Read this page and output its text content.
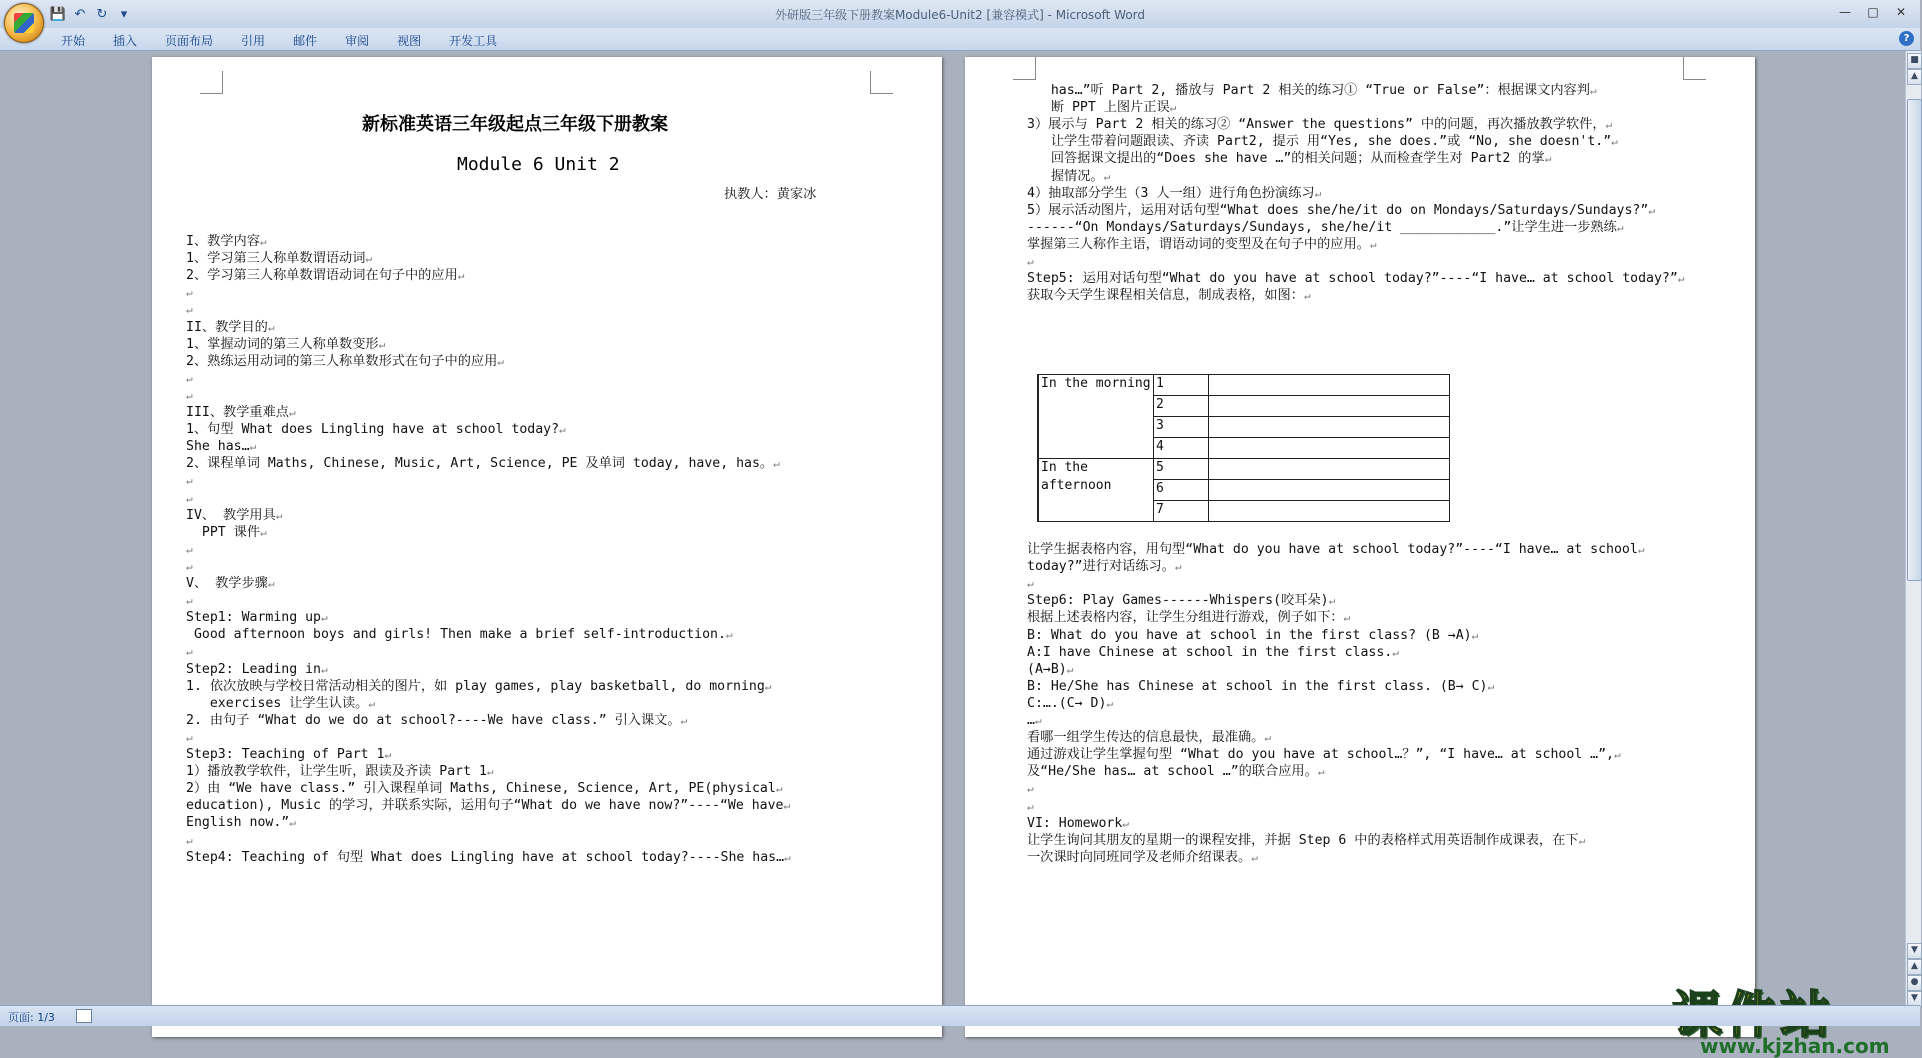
💾 ↶ ↻	▾	外研版三年级下册教案Module6-Unit2 [兼容模式] - Microsoft Word	—	□	✕
开始	插入	页面布局	引用	邮件	审阅	视图	开发工具	?
新标准英语三年级起点三年级下册教案
Module 6 Unit 2
执教人：黄家冰
I、教学内容↵
1、学习第三人称单数谓语动词↵
2、学习第三人称单数谓语动词在句子中的应用↵
↵
↵
II、教学目的↵
1、掌握动词的第三人称单数变形↵
2、熟练运用动词的第三人称单数形式在句子中的应用↵
↵
↵
III、教学重难点↵
1、句型 What does Lingling have at school today?↵
She has…↵
2、课程单词 Maths, Chinese, Music, Art, Science, PE 及单词 today, have, has。↵
↵
↵
IV、 教学用具↵
PPT 课件↵
↵
↵
V、 教学步骤↵
↵
Step1: Warming up↵
Good afternoon boys and girls! Then make a brief self-introduction.↵
↵
Step2: Leading in↵
1. 依次放映与学校日常活动相关的图片，如 play games, play basketball, do morning↵
exercises 让学生认读。↵
2. 由句子 “What do we do at school?----We have class.” 引入课文。↵
↵
Step3: Teaching of Part 1↵
1）播放教学软件，让学生听，跟读及齐读 Part 1↵
2）由 “We have class.” 引入课程单词 Maths, Chinese, Science, Art, PE(physical↵
education), Music 的学习，并联系实际，运用句子“What do we have now?”----“We have↵
English now.”↵
↵
Step4: Teaching of 句型 What does Lingling have at school today?----She has…↵
has…”听 Part 2, 播放与 Part 2 相关的练习① “True or False”：根据课文内容判↵
断 PPT 上图片正误↵
3）展示与 Part 2 相关的练习② “Answer the questions” 中的问题，再次播放教学软件，↵
让学生带着问题跟读、齐读 Part2, 提示 用“Yes, she does.”或 “No, she doesn't.”↵
回答据课文提出的“Does she have …”的相关问题；从而检查学生对 Part2 的掌↵
握情况。↵
4）抽取部分学生（3 人一组）进行角色扮演练习↵
5）展示活动图片，运用对话句型“What does she/he/it do on Mondays/Saturdays/Sundays?”↵
------“On Mondays/Saturdays/Sundays, she/he/it ____________.”让学生进一步熟练↵
掌握第三人称作主语，谓语动词的变型及在句子中的应用。↵
↵
Step5: 运用对话句型“What do you have at school today?”----“I have… at school today?”↵
获取今天学生课程相关信息，制成表格，如图：↵
In the morning	1	
	2	
	3	
	4	
In the afternoon	5	
	6	
	7	
让学生据表格内容，用句型“What do you have at school today?”----“I have… at school↵
today?”进行对话练习。↵
↵
Step6: Play Games------Whispers(咬耳朵)↵
根据上述表格内容，让学生分组进行游戏，例子如下：↵
B: What do you have at school in the first class? (B →A)↵
A:I have Chinese at school in the first class.↵
(A→B)↵
B: He/She has Chinese at school in the first class. (B→ C)↵
C:….(C→ D)↵
…↵
看哪一组学生传达的信息最快，最准确。↵
通过游戏让学生掌握句型 “What do you have at school…？”, “I have… at school …”,↵
及“He/She has… at school …”的联合应用。↵
↵
↵
VI: Homework↵
让学生询问其朋友的星期一的课程安排，并据 Step 6 中的表格样式用英语制作成课表，在下↵
一次课时向同班同学及老师介绍课表。↵
www.kjzhan.com
■
▲
▼
▲
●
▼
页面: 1/3
